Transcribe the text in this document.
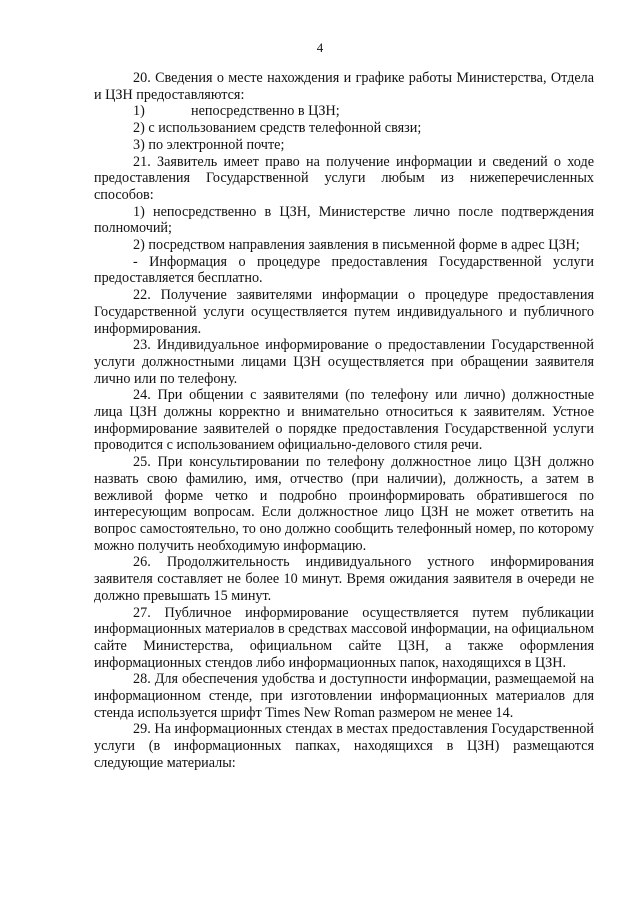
4

20. Сведения о месте нахождения и графике работы Министерства, Отдела и ЦЗН предоставляются:

1)	непосредственно в ЦЗН;

2) с использованием средств телефонной связи;

3) по электронной почте;

21. Заявитель имеет право на получение информации и сведений о ходе предоставления Государственной услуги любым из нижеперечисленных способов:

1) непосредственно в ЦЗН, Министерстве лично после подтверждения полномочий;

2) посредством направления заявления в письменной форме в адрес ЦЗН;

- Информация о процедуре предоставления Государственной услуги предоставляется бесплатно.

22. Получение заявителями информации о процедуре предоставления Государственной услуги осуществляется путем индивидуального и публичного информирования.

23. Индивидуальное информирование о предоставлении Государственной услуги должностными лицами ЦЗН осуществляется при обращении заявителя лично или по телефону.

24. При общении с заявителями (по телефону или лично) должностные лица ЦЗН должны корректно и внимательно относиться к заявителям. Устное информирование заявителей о порядке предоставления Государственной услуги проводится с использованием официально-делового стиля речи.

25. При консультировании по телефону должностное лицо ЦЗН должно назвать свою фамилию, имя, отчество (при наличии), должность, а затем в вежливой форме четко и подробно проинформировать обратившегося по интересующим вопросам. Если должностное лицо ЦЗН не может ответить на вопрос самостоятельно, то оно должно сообщить телефонный номер, по которому можно получить необходимую информацию.

26. Продолжительность индивидуального устного информирования заявителя составляет не более 10 минут. Время ожидания заявителя в очереди не должно превышать 15 минут.

27. Публичное информирование осуществляется путем публикации информационных материалов в средствах массовой информации, на официальном сайте Министерства, официальном сайте ЦЗН, а также оформления информационных стендов либо информационных папок, находящихся в ЦЗН.

28. Для обеспечения удобства и доступности информации, размещаемой на информационном стенде, при изготовлении информационных материалов для стенда используется шрифт Times New Roman размером не менее 14.

29. На информационных стендах в местах предоставления Государственной услуги (в информационных папках, находящихся в ЦЗН) размещаются следующие материалы:
